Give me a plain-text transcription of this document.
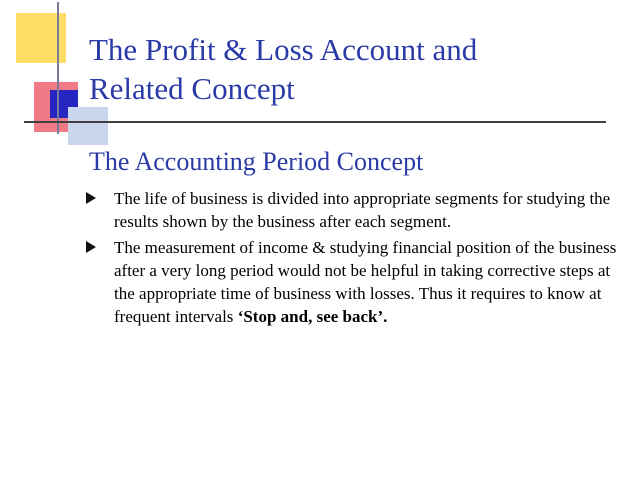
The Profit & Loss Account and
Related Concept
The Accounting Period Concept
The life of business is divided into appropriate segments for studying the results shown by the business after each segment.
The measurement of income & studying financial position of the business after a very long period would not be helpful in taking corrective steps at the appropriate time of business with losses. Thus it requires to know at frequent intervals ‘Stop and, see back’.
